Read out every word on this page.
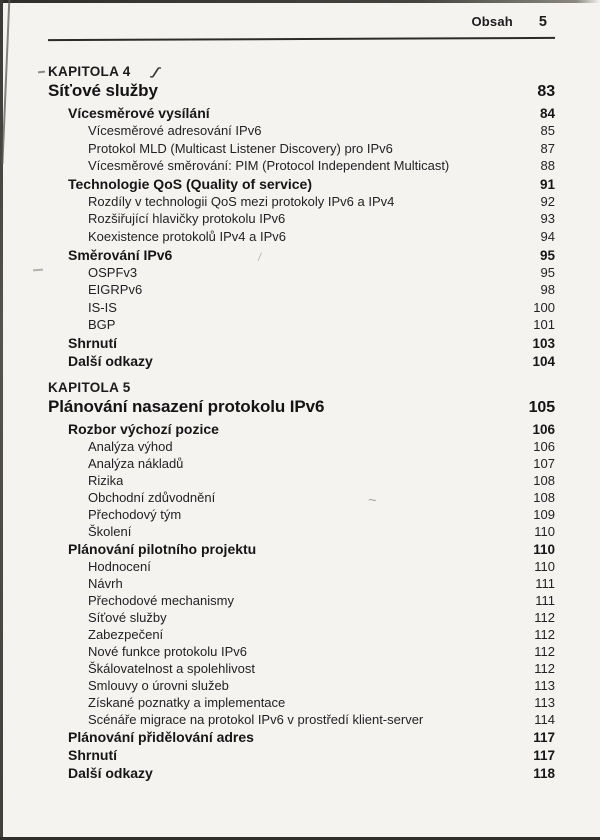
~
/
Obsah 5
KAPITOLA 4 ʃ
Síťové služby	83
Vícesměrové vysílání	84
Vícesměrové adresování IPv6	85
Protokol MLD (Multicast Listener Discovery) pro IPv6	87
Vícesměrové směrování: PIM (Protocol Independent Multicast)	88
Technologie QoS (Quality of service)	91
Rozdíly v technologii QoS mezi protokoly IPv6 a IPv4	92
Rozšiřující hlavičky protokolu IPv6	93
Koexistence protokolů IPv4 a IPv6	94
Směrování IPv6	95
OSPFv3	95
EIGRPv6	98
IS-IS	100
BGP	101
Shrnutí	103
Další odkazy	104
KAPITOLA 5
Plánování nasazení protokolu IPv6	105
Rozbor výchozí pozice	106
Analýza výhod	106
Analýza nákladů	107
Rizika	108
Obchodní zdůvodnění	108
Přechodový tým	109
Školení	110
Plánování pilotního projektu	110
Hodnocení	110
Návrh	111
Přechodové mechanismy	111
Síťové služby	112
Zabezpečení	112
Nové funkce protokolu IPv6	112
Škálovatelnost a spolehlivost	112
Smlouvy o úrovni služeb	113
Získané poznatky a implementace	113
Scénáře migrace na protokol IPv6 v prostředí klient-server	114
Plánování přidělování adres	117
Shrnutí	117
Další odkazy	118
